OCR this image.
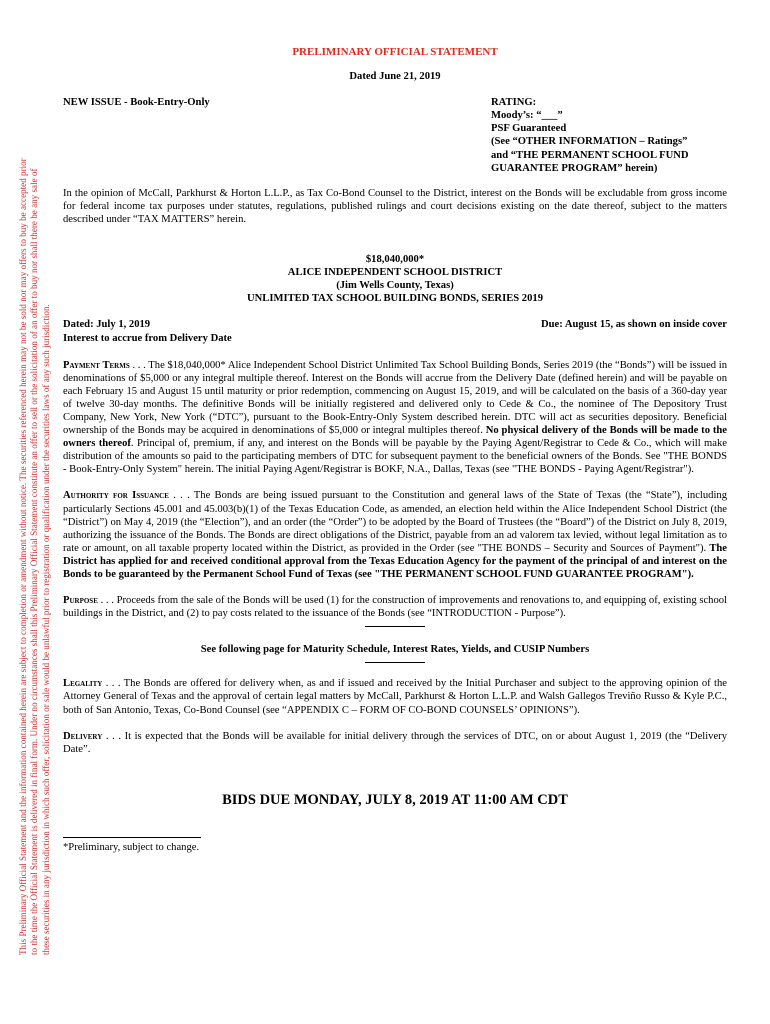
This Preliminary Official Statement and the information contained herein are subject to completion or amendment without notice. The securities referenced herein may not be sold nor may offers to buy be accepted prior to the time the Official Statement is delivered in final form. Under no circumstances shall this Preliminary Official Statement constitute an offer to sell or the solicitation of an offer to buy nor shall there be any sale of these securities in any jurisdiction in which such offer, solicitation or sale would be unlawful prior to registration or qualification under the securities laws of any such jurisdiction.
PRELIMINARY OFFICIAL STATEMENT
Dated June 21, 2019
NEW ISSUE - Book-Entry-Only	RATING:
Moody’s: “___”
PSF Guaranteed
(See “OTHER INFORMATION – Ratings”
and “THE PERMANENT SCHOOL FUND
GUARANTEE PROGRAM” herein)
In the opinion of McCall, Parkhurst & Horton L.L.P., as Tax Co-Bond Counsel to the District, interest on the Bonds will be excludable from gross income for federal income tax purposes under statutes, regulations, published rulings and court decisions existing on the date thereof, subject to the matters described under “TAX MATTERS” herein.
$18,040,000*
ALICE INDEPENDENT SCHOOL DISTRICT
(Jim Wells County, Texas)
UNLIMITED TAX SCHOOL BUILDING BONDS, SERIES 2019
Dated: July 1, 2019
Interest to accrue from Delivery Date
Due: August 15, as shown on inside cover
Payment Terms . . . The $18,040,000* Alice Independent School District Unlimited Tax School Building Bonds, Series 2019 (the “Bonds”) will be issued in denominations of $5,000 or any integral multiple thereof. Interest on the Bonds will accrue from the Delivery Date (defined herein) and will be payable on each February 15 and August 15 until maturity or prior redemption, commencing on August 15, 2019, and will be calculated on the basis of a 360-day year of twelve 30-day months. The definitive Bonds will be initially registered and delivered only to Cede & Co., the nominee of The Depository Trust Company, New York, New York (“DTC”), pursuant to the Book-Entry-Only System described herein. DTC will act as securities depository. Beneficial ownership of the Bonds may be acquired in denominations of $5,000 or integral multiples thereof. No physical delivery of the Bonds will be made to the owners thereof. Principal of, premium, if any, and interest on the Bonds will be payable by the Paying Agent/Registrar to Cede & Co., which will make distribution of the amounts so paid to the participating members of DTC for subsequent payment to the beneficial owners of the Bonds. See "THE BONDS - Book-Entry-Only System" herein. The initial Paying Agent/Registrar is BOKF, N.A., Dallas, Texas (see "THE BONDS - Paying Agent/Registrar").
Authority for Issuance . . . The Bonds are being issued pursuant to the Constitution and general laws of the State of Texas (the “State”), including particularly Sections 45.001 and 45.003(b)(1) of the Texas Education Code, as amended, an election held within the Alice Independent School District (the “District”) on May 4, 2019 (the “Election”), and an order (the “Order”) to be adopted by the Board of Trustees (the “Board”) of the District on July 8, 2019, authorizing the issuance of the Bonds. The Bonds are direct obligations of the District, payable from an ad valorem tax levied, without legal limitation as to rate or amount, on all taxable property located within the District, as provided in the Order (see "THE BONDS – Security and Sources of Payment"). The District has applied for and received conditional approval from the Texas Education Agency for the payment of the principal of and interest on the Bonds to be guaranteed by the Permanent School Fund of Texas (see "THE PERMANENT SCHOOL FUND GUARANTEE PROGRAM").
Purpose . . . Proceeds from the sale of the Bonds will be used (1) for the construction of improvements and renovations to, and equipping of, existing school buildings in the District, and (2) to pay costs related to the issuance of the Bonds (see “INTRODUCTION - Purpose”).
See following page for Maturity Schedule, Interest Rates, Yields, and CUSIP Numbers
Legality . . . The Bonds are offered for delivery when, as and if issued and received by the Initial Purchaser and subject to the approving opinion of the Attorney General of Texas and the approval of certain legal matters by McCall, Parkhurst & Horton L.L.P. and Walsh Gallegos Treviño Russo & Kyle P.C., both of San Antonio, Texas, Co-Bond Counsel (see “APPENDIX C – FORM OF CO-BOND COUNSELS’ OPINIONS”).
Delivery . . . It is expected that the Bonds will be available for initial delivery through the services of DTC, on or about August 1, 2019 (the “Delivery Date”.
BIDS DUE MONDAY, JULY 8, 2019 AT 11:00 AM CDT
*Preliminary, subject to change.
